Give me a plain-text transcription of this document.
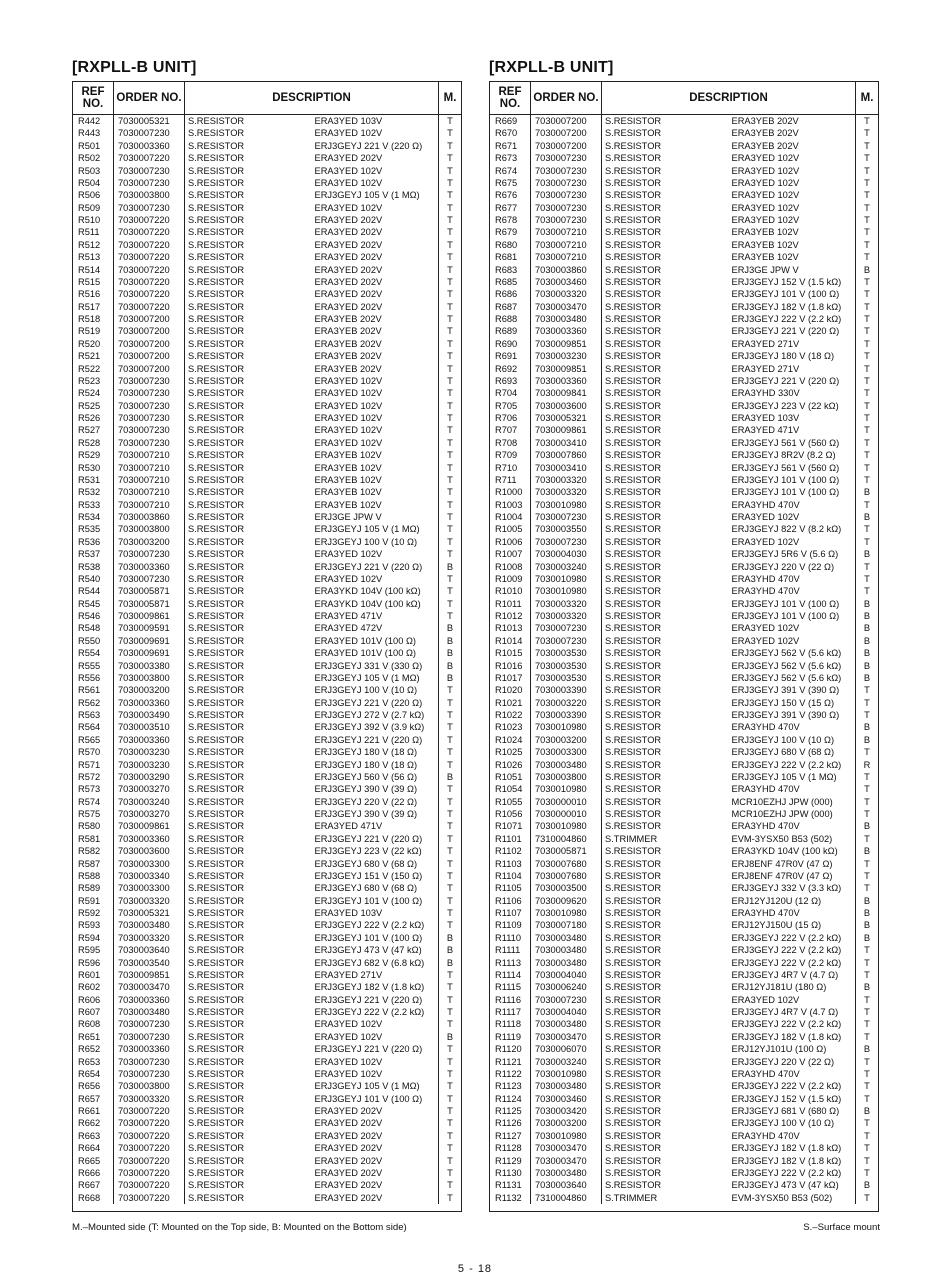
[RXPLL-B UNIT]
REF NO.	ORDER NO.	DESCRIPTION		M.
R442	7030005321	S.RESISTOR	ERA3YED 103V	T
R443	7030007230	S.RESISTOR	ERA3YED 102V	T
R501	7030003360	S.RESISTOR	ERJ3GEYJ 221 V (220 Ω)	T
R502	7030007220	S.RESISTOR	ERA3YED 202V	T
R503	7030007230	S.RESISTOR	ERA3YED 102V	T
R504	7030007230	S.RESISTOR	ERA3YED 102V	T
R506	7030003800	S.RESISTOR	ERJ3GEYJ 105 V (1 MΩ)	T
R509	7030007230	S.RESISTOR	ERA3YED 102V	T
R510	7030007220	S.RESISTOR	ERA3YED 202V	T
R511	7030007220	S.RESISTOR	ERA3YED 202V	T
R512	7030007220	S.RESISTOR	ERA3YED 202V	T
R513	7030007220	S.RESISTOR	ERA3YED 202V	T
R514	7030007220	S.RESISTOR	ERA3YED 202V	T
R515	7030007220	S.RESISTOR	ERA3YED 202V	T
R516	7030007220	S.RESISTOR	ERA3YED 202V	T
R517	7030007220	S.RESISTOR	ERA3YED 202V	T
R518	7030007200	S.RESISTOR	ERA3YEB 202V	T
R519	7030007200	S.RESISTOR	ERA3YEB 202V	T
R520	7030007200	S.RESISTOR	ERA3YEB 202V	T
R521	7030007200	S.RESISTOR	ERA3YEB 202V	T
R522	7030007200	S.RESISTOR	ERA3YEB 202V	T
R523	7030007230	S.RESISTOR	ERA3YED 102V	T
R524	7030007230	S.RESISTOR	ERA3YED 102V	T
R525	7030007230	S.RESISTOR	ERA3YED 102V	T
R526	7030007230	S.RESISTOR	ERA3YED 102V	T
R527	7030007230	S.RESISTOR	ERA3YED 102V	T
R528	7030007230	S.RESISTOR	ERA3YED 102V	T
R529	7030007210	S.RESISTOR	ERA3YEB 102V	T
R530	7030007210	S.RESISTOR	ERA3YEB 102V	T
R531	7030007210	S.RESISTOR	ERA3YEB 102V	T
R532	7030007210	S.RESISTOR	ERA3YEB 102V	T
R533	7030007210	S.RESISTOR	ERA3YEB 102V	T
R534	7030003860	S.RESISTOR	ERJ3GE JPW V	T
R535	7030003800	S.RESISTOR	ERJ3GEYJ 105 V (1 MΩ)	T
R536	7030003200	S.RESISTOR	ERJ3GEYJ 100 V (10 Ω)	T
R537	7030007230	S.RESISTOR	ERA3YED 102V	T
R538	7030003360	S.RESISTOR	ERJ3GEYJ 221 V (220 Ω)	B
R540	7030007230	S.RESISTOR	ERA3YED 102V	T
R544	7030005871	S.RESISTOR	ERA3YKD 104V (100 kΩ)	T
R545	7030005871	S.RESISTOR	ERA3YKD 104V (100 kΩ)	T
R546	7030009861	S.RESISTOR	ERA3YED 471V	T
R548	7030009591	S.RESISTOR	ERA3YED 472V	B
R550	7030009691	S.RESISTOR	ERA3YED 101V (100 Ω)	B
R554	7030009691	S.RESISTOR	ERA3YED 101V (100 Ω)	B
R555	7030003380	S.RESISTOR	ERJ3GEYJ 331 V (330 Ω)	B
R556	7030003800	S.RESISTOR	ERJ3GEYJ 105 V (1 MΩ)	B
R561	7030003200	S.RESISTOR	ERJ3GEYJ 100 V (10 Ω)	T
R562	7030003360	S.RESISTOR	ERJ3GEYJ 221 V (220 Ω)	T
R563	7030003490	S.RESISTOR	ERJ3GEYJ 272 V (2.7 kΩ)	T
R564	7030003510	S.RESISTOR	ERJ3GEYJ 392 V (3.9 kΩ)	T
R565	7030003360	S.RESISTOR	ERJ3GEYJ 221 V (220 Ω)	T
R570	7030003230	S.RESISTOR	ERJ3GEYJ 180 V (18 Ω)	T
R571	7030003230	S.RESISTOR	ERJ3GEYJ 180 V (18 Ω)	T
R572	7030003290	S.RESISTOR	ERJ3GEYJ 560 V (56 Ω)	B
R573	7030003270	S.RESISTOR	ERJ3GEYJ 390 V (39 Ω)	T
R574	7030003240	S.RESISTOR	ERJ3GEYJ 220 V (22 Ω)	T
R575	7030003270	S.RESISTOR	ERJ3GEYJ 390 V (39 Ω)	T
R580	7030009861	S.RESISTOR	ERA3YED 471V	T
R581	7030003360	S.RESISTOR	ERJ3GEYJ 221 V (220 Ω)	T
R582	7030003600	S.RESISTOR	ERJ3GEYJ 223 V (22 kΩ)	T
R587	7030003300	S.RESISTOR	ERJ3GEYJ 680 V (68 Ω)	T
R588	7030003340	S.RESISTOR	ERJ3GEYJ 151 V (150 Ω)	T
R589	7030003300	S.RESISTOR	ERJ3GEYJ 680 V (68 Ω)	T
R591	7030003320	S.RESISTOR	ERJ3GEYJ 101 V (100 Ω)	T
R592	7030005321	S.RESISTOR	ERA3YED 103V	T
R593	7030003480	S.RESISTOR	ERJ3GEYJ 222 V (2.2 kΩ)	T
R594	7030003320	S.RESISTOR	ERJ3GEYJ 101 V (100 Ω)	B
R595	7030003640	S.RESISTOR	ERJ3GEYJ 473 V (47 kΩ)	B
R596	7030003540	S.RESISTOR	ERJ3GEYJ 682 V (6.8 kΩ)	B
R601	7030009851	S.RESISTOR	ERA3YED 271V	T
R602	7030003470	S.RESISTOR	ERJ3GEYJ 182 V (1.8 kΩ)	T
R606	7030003360	S.RESISTOR	ERJ3GEYJ 221 V (220 Ω)	T
R607	7030003480	S.RESISTOR	ERJ3GEYJ 222 V (2.2 kΩ)	T
R608	7030007230	S.RESISTOR	ERA3YED 102V	T
R651	7030007230	S.RESISTOR	ERA3YED 102V	B
R652	7030003360	S.RESISTOR	ERJ3GEYJ 221 V (220 Ω)	T
R653	7030007230	S.RESISTOR	ERA3YED 102V	T
R654	7030007230	S.RESISTOR	ERA3YED 102V	T
R656	7030003800	S.RESISTOR	ERJ3GEYJ 105 V (1 MΩ)	T
R657	7030003320	S.RESISTOR	ERJ3GEYJ 101 V (100 Ω)	T
R661	7030007220	S.RESISTOR	ERA3YED 202V	T
R662	7030007220	S.RESISTOR	ERA3YED 202V	T
R663	7030007220	S.RESISTOR	ERA3YED 202V	T
R664	7030007220	S.RESISTOR	ERA3YED 202V	T
R665	7030007220	S.RESISTOR	ERA3YED 202V	T
R666	7030007220	S.RESISTOR	ERA3YED 202V	T
R667	7030007220	S.RESISTOR	ERA3YED 202V	T
R668	7030007220	S.RESISTOR	ERA3YED 202V	T
[RXPLL-B UNIT]
REF NO.	ORDER NO.	DESCRIPTION		M.
R669	7030007200	S.RESISTOR	ERA3YEB 202V	T
R670	7030007200	S.RESISTOR	ERA3YEB 202V	T
R671	7030007200	S.RESISTOR	ERA3YEB 202V	T
R673	7030007230	S.RESISTOR	ERA3YED 102V	T
R674	7030007230	S.RESISTOR	ERA3YED 102V	T
R675	7030007230	S.RESISTOR	ERA3YED 102V	T
R676	7030007230	S.RESISTOR	ERA3YED 102V	T
R677	7030007230	S.RESISTOR	ERA3YED 102V	T
R678	7030007230	S.RESISTOR	ERA3YED 102V	T
R679	7030007210	S.RESISTOR	ERA3YEB 102V	T
R680	7030007210	S.RESISTOR	ERA3YEB 102V	T
R681	7030007210	S.RESISTOR	ERA3YEB 102V	T
R683	7030003860	S.RESISTOR	ERJ3GE JPW V	B
R685	7030003460	S.RESISTOR	ERJ3GEYJ 152 V (1.5 kΩ)	T
R686	7030003320	S.RESISTOR	ERJ3GEYJ 101 V (100 Ω)	T
R687	7030003470	S.RESISTOR	ERJ3GEYJ 182 V (1.8 kΩ)	T
R688	7030003480	S.RESISTOR	ERJ3GEYJ 222 V (2.2 kΩ)	T
R689	7030003360	S.RESISTOR	ERJ3GEYJ 221 V (220 Ω)	T
R690	7030009851	S.RESISTOR	ERA3YED 271V	T
R691	7030003230	S.RESISTOR	ERJ3GEYJ 180 V (18 Ω)	T
R692	7030009851	S.RESISTOR	ERA3YED 271V	T
R693	7030003360	S.RESISTOR	ERJ3GEYJ 221 V (220 Ω)	T
R704	7030009841	S.RESISTOR	ERA3YHD 330V	T
R705	7030003600	S.RESISTOR	ERJ3GEYJ 223 V (22 kΩ)	T
R706	7030005321	S.RESISTOR	ERA3YED 103V	T
R707	7030009861	S.RESISTOR	ERA3YED 471V	T
R708	7030003410	S.RESISTOR	ERJ3GEYJ 561 V (560 Ω)	T
R709	7030007860	S.RESISTOR	ERJ3GEYJ 8R2V (8.2 Ω)	T
R710	7030003410	S.RESISTOR	ERJ3GEYJ 561 V (560 Ω)	T
R711	7030003320	S.RESISTOR	ERJ3GEYJ 101 V (100 Ω)	T
R1000	7030003320	S.RESISTOR	ERJ3GEYJ 101 V (100 Ω)	B
R1003	7030010980	S.RESISTOR	ERA3YHD 470V	T
R1004	7030007230	S.RESISTOR	ERA3YED 102V	B
R1005	7030003550	S.RESISTOR	ERJ3GEYJ 822 V (8.2 kΩ)	T
R1006	7030007230	S.RESISTOR	ERA3YED 102V	T
R1007	7030004030	S.RESISTOR	ERJ3GEYJ 5R6 V (5.6 Ω)	B
R1008	7030003240	S.RESISTOR	ERJ3GEYJ 220 V (22 Ω)	T
R1009	7030010980	S.RESISTOR	ERA3YHD 470V	T
R1010	7030010980	S.RESISTOR	ERA3YHD 470V	T
R1011	7030003320	S.RESISTOR	ERJ3GEYJ 101 V (100 Ω)	B
R1012	7030003320	S.RESISTOR	ERJ3GEYJ 101 V (100 Ω)	B
R1013	7030007230	S.RESISTOR	ERA3YED 102V	B
R1014	7030007230	S.RESISTOR	ERA3YED 102V	B
R1015	7030003530	S.RESISTOR	ERJ3GEYJ 562 V (5.6 kΩ)	B
R1016	7030003530	S.RESISTOR	ERJ3GEYJ 562 V (5.6 kΩ)	B
R1017	7030003530	S.RESISTOR	ERJ3GEYJ 562 V (5.6 kΩ)	B
R1020	7030003390	S.RESISTOR	ERJ3GEYJ 391 V (390 Ω)	T
R1021	7030003220	S.RESISTOR	ERJ3GEYJ 150 V (15 Ω)	T
R1022	7030003390	S.RESISTOR	ERJ3GEYJ 391 V (390 Ω)	T
R1023	7030010980	S.RESISTOR	ERA3YHD 470V	B
R1024	7030003200	S.RESISTOR	ERJ3GEYJ 100 V (10 Ω)	B
R1025	7030003300	S.RESISTOR	ERJ3GEYJ 680 V (68 Ω)	T
R1026	7030003480	S.RESISTOR	ERJ3GEYJ 222 V (2.2 kΩ)	R
R1051	7030003800	S.RESISTOR	ERJ3GEYJ 105 V (1 MΩ)	T
R1054	7030010980	S.RESISTOR	ERA3YHD 470V	T
R1055	7030000010	S.RESISTOR	MCR10EZHJ JPW (000)	T
R1056	7030000010	S.RESISTOR	MCR10EZHJ JPW (000)	T
R1071	7030010980	S.RESISTOR	ERA3YHD 470V	B
R1101	7310004860	S.TRIMMER	EVM-3YSX50 B53 (502)	T
R1102	7030005871	S.RESISTOR	ERA3YKD 104V (100 kΩ)	B
R1103	7030007680	S.RESISTOR	ERJ8ENF 47R0V (47 Ω)	T
R1104	7030007680	S.RESISTOR	ERJ8ENF 47R0V (47 Ω)	T
R1105	7030003500	S.RESISTOR	ERJ3GEYJ 332 V (3.3 kΩ)	T
R1106	7030009620	S.RESISTOR	ERJ12YJ120U (12 Ω)	B
R1107	7030010980	S.RESISTOR	ERA3YHD 470V	B
R1109	7030007180	S.RESISTOR	ERJ12YJ150U (15 Ω)	B
R1110	7030003480	S.RESISTOR	ERJ3GEYJ 222 V (2.2 kΩ)	B
R1111	7030003480	S.RESISTOR	ERJ3GEYJ 222 V (2.2 kΩ)	T
R1113	7030003480	S.RESISTOR	ERJ3GEYJ 222 V (2.2 kΩ)	T
R1114	7030004040	S.RESISTOR	ERJ3GEYJ 4R7 V (4.7 Ω)	T
R1115	7030006240	S.RESISTOR	ERJ12YJ181U (180 Ω)	B
R1116	7030007230	S.RESISTOR	ERA3YED 102V	T
R1117	7030004040	S.RESISTOR	ERJ3GEYJ 4R7 V (4.7 Ω)	T
R1118	7030003480	S.RESISTOR	ERJ3GEYJ 222 V (2.2 kΩ)	T
R1119	7030003470	S.RESISTOR	ERJ3GEYJ 182 V (1.8 kΩ)	T
R1120	7030006070	S.RESISTOR	ERJ12YJ101U (100 Ω)	B
R1121	7030003240	S.RESISTOR	ERJ3GEYJ 220 V (22 Ω)	T
R1122	7030010980	S.RESISTOR	ERA3YHD 470V	T
R1123	7030003480	S.RESISTOR	ERJ3GEYJ 222 V (2.2 kΩ)	T
R1124	7030003460	S.RESISTOR	ERJ3GEYJ 152 V (1.5 kΩ)	T
R1125	7030003420	S.RESISTOR	ERJ3GEYJ 681 V (680 Ω)	B
R1126	7030003200	S.RESISTOR	ERJ3GEYJ 100 V (10 Ω)	T
R1127	7030010980	S.RESISTOR	ERA3YHD 470V	T
R1128	7030003470	S.RESISTOR	ERJ3GEYJ 182 V (1.8 kΩ)	T
R1129	7030003470	S.RESISTOR	ERJ3GEYJ 182 V (1.8 kΩ)	T
R1130	7030003480	S.RESISTOR	ERJ3GEYJ 222 V (2.2 kΩ)	T
R1131	7030003640	S.RESISTOR	ERJ3GEYJ 473 V (47 kΩ)	B
R1132	7310004860	S.TRIMMER	EVM-3YSX50 B53 (502)	T
M.–Mounted side (T: Mounted on the Top side, B: Mounted on the Bottom side)	S.–Surface mount
5 - 18
